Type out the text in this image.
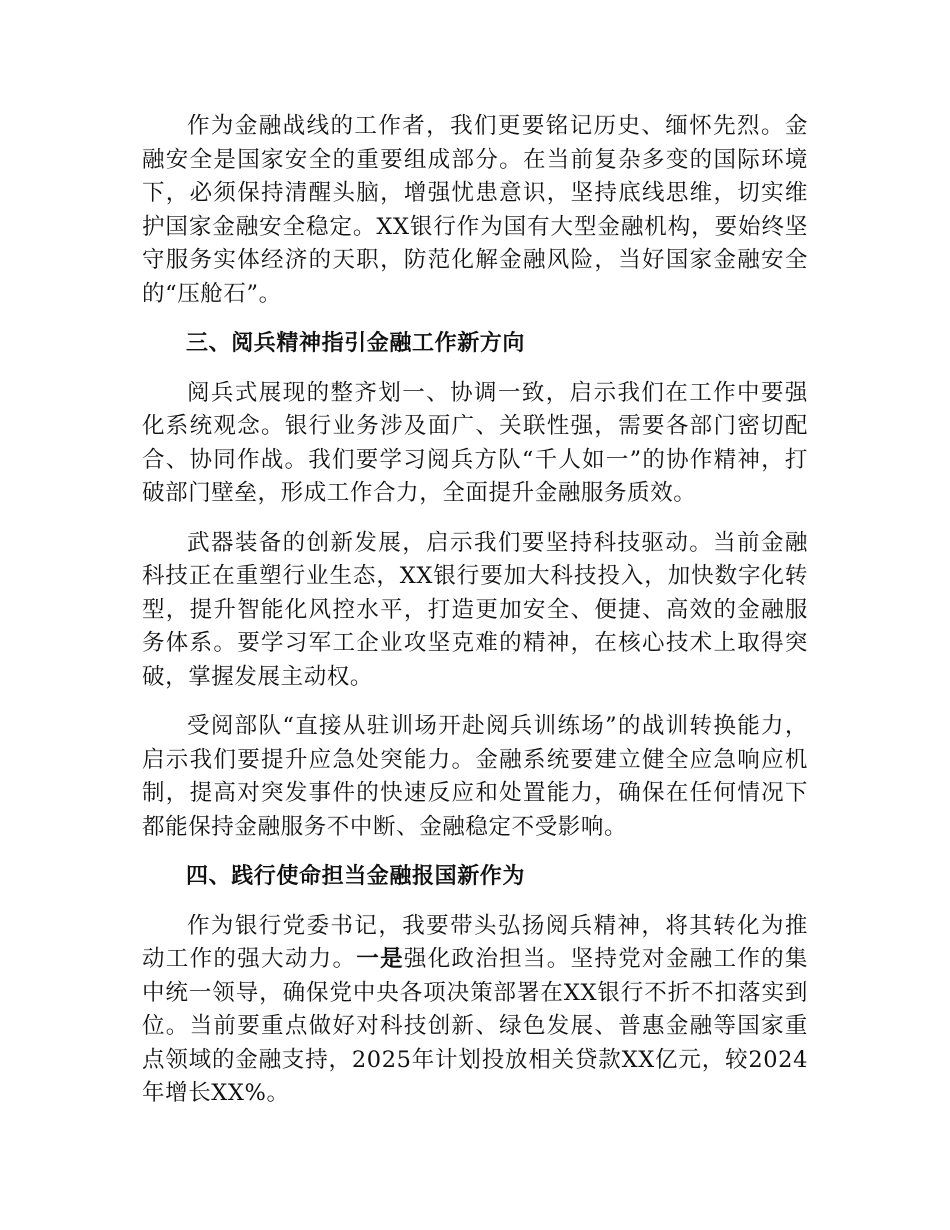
作为金融战线的工作者，我们更要铭记历史、缅怀先烈。金融安全是国家安全的重要组成部分。在当前复杂多变的国际环境下，必须保持清醒头脑，增强忧患意识，坚持底线思维，切实维护国家金融安全稳定。XX银行作为国有大型金融机构，要始终坚守服务实体经济的天职，防范化解金融风险，当好国家金融安全的“压舱石”。

三、阅兵精神指引金融工作新方向

阅兵式展现的整齐划一、协调一致，启示我们在工作中要强化系统观念。银行业务涉及面广、关联性强，需要各部门密切配合、协同作战。我们要学习阅兵方队“千人如一”的协作精神，打破部门壁垒，形成工作合力，全面提升金融服务质效。

武器装备的创新发展，启示我们要坚持科技驱动。当前金融科技正在重塑行业生态，XX银行要加大科技投入，加快数字化转型，提升智能化风控水平，打造更加安全、便捷、高效的金融服务体系。要学习军工企业攻坚克难的精神，在核心技术上取得突破，掌握发展主动权。

受阅部队“直接从驻训场开赴阅兵训练场”的战训转换能力，启示我们要提升应急处突能力。金融系统要建立健全应急响应机制，提高对突发事件的快速反应和处置能力，确保在任何情况下都能保持金融服务不中断、金融稳定不受影响。

四、践行使命担当金融报国新作为

作为银行党委书记，我要带头弘扬阅兵精神，将其转化为推动工作的强大动力。一是强化政治担当。坚持党对金融工作的集中统一领导，确保党中央各项决策部署在XX银行不折不扣落实到位。当前要重点做好对科技创新、绿色发展、普惠金融等国家重点领域的金融支持，2025年计划投放相关贷款XX亿元，较2024年增长XX%。
